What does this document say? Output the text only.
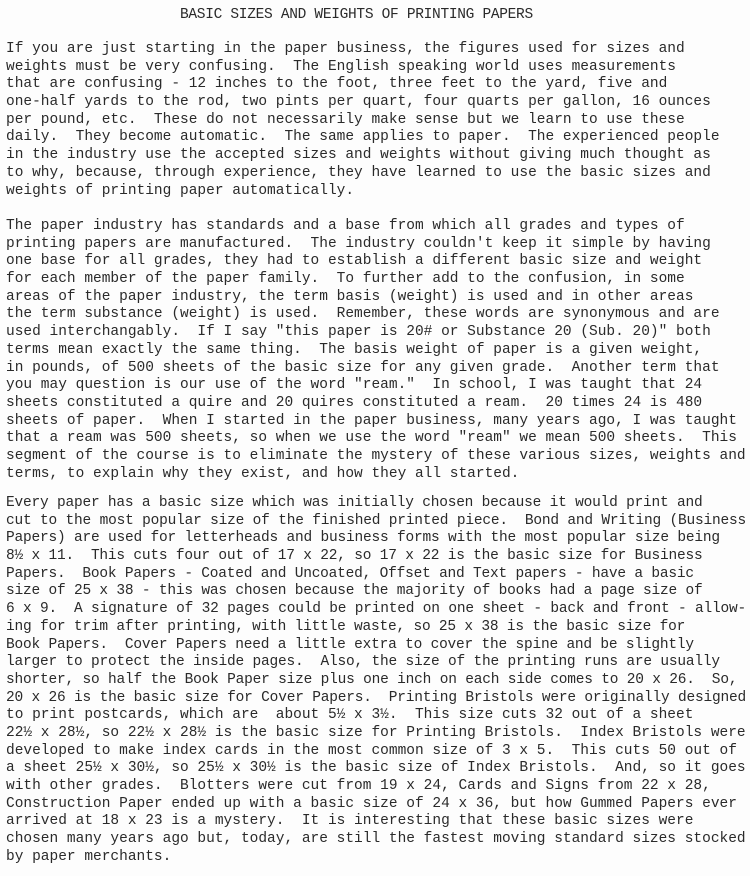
BASIC SIZES AND WEIGHTS OF PRINTING PAPERS
If you are just starting in the paper business, the figures used for sizes and
weights must be very confusing.  The English speaking world uses measurements
that are confusing - 12 inches to the foot, three feet to the yard, five and
one-half yards to the rod, two pints per quart, four quarts per gallon, 16 ounces
per pound, etc.  These do not necessarily make sense but we learn to use these
daily.  They become automatic.  The same applies to paper.  The experienced people
in the industry use the accepted sizes and weights without giving much thought as
to why, because, through experience, they have learned to use the basic sizes and
weights of printing paper automatically.
The paper industry has standards and a base from which all grades and types of
printing papers are manufactured.  The industry couldn't keep it simple by having
one base for all grades, they had to establish a different basic size and weight
for each member of the paper family.  To further add to the confusion, in some
areas of the paper industry, the term basis (weight) is used and in other areas
the term substance (weight) is used.  Remember, these words are synonymous and are
used interchangably.  If I say "this paper is 20# or Substance 20 (Sub. 20)" both
terms mean exactly the same thing.  The basis weight of paper is a given weight,
in pounds, of 500 sheets of the basic size for any given grade.  Another term that
you may question is our use of the word "ream."  In school, I was taught that 24
sheets constituted a quire and 20 quires constituted a ream.  20 times 24 is 480
sheets of paper.  When I started in the paper business, many years ago, I was taught
that a ream was 500 sheets, so when we use the word "ream" we mean 500 sheets.  This
segment of the course is to eliminate the mystery of these various sizes, weights and
terms, to explain why they exist, and how they all started.
Every paper has a basic size which was initially chosen because it would print and
cut to the most popular size of the finished printed piece.  Bond and Writing (Business
Papers) are used for letterheads and business forms with the most popular size being
8½ x 11.  This cuts four out of 17 x 22, so 17 x 22 is the basic size for Business
Papers.  Book Papers - Coated and Uncoated, Offset and Text papers - have a basic
size of 25 x 38 - this was chosen because the majority of books had a page size of
6 x 9.  A signature of 32 pages could be printed on one sheet - back and front - allow-
ing for trim after printing, with little waste, so 25 x 38 is the basic size for
Book Papers.  Cover Papers need a little extra to cover the spine and be slightly
larger to protect the inside pages.  Also, the size of the printing runs are usually
shorter, so half the Book Paper size plus one inch on each side comes to 20 x 26.  So,
20 x 26 is the basic size for Cover Papers.  Printing Bristols were originally designed
to print postcards, which are  about 5½ x 3½.  This size cuts 32 out of a sheet
22½ x 28½, so 22½ x 28½ is the basic size for Printing Bristols.  Index Bristols were
developed to make index cards in the most common size of 3 x 5.  This cuts 50 out of
a sheet 25½ x 30½, so 25½ x 30½ is the basic size of Index Bristols.  And, so it goes
with other grades.  Blotters were cut from 19 x 24, Cards and Signs from 22 x 28,
Construction Paper ended up with a basic size of 24 x 36, but how Gummed Papers ever
arrived at 18 x 23 is a mystery.  It is interesting that these basic sizes were
chosen many years ago but, today, are still the fastest moving standard sizes stocked
by paper merchants.
